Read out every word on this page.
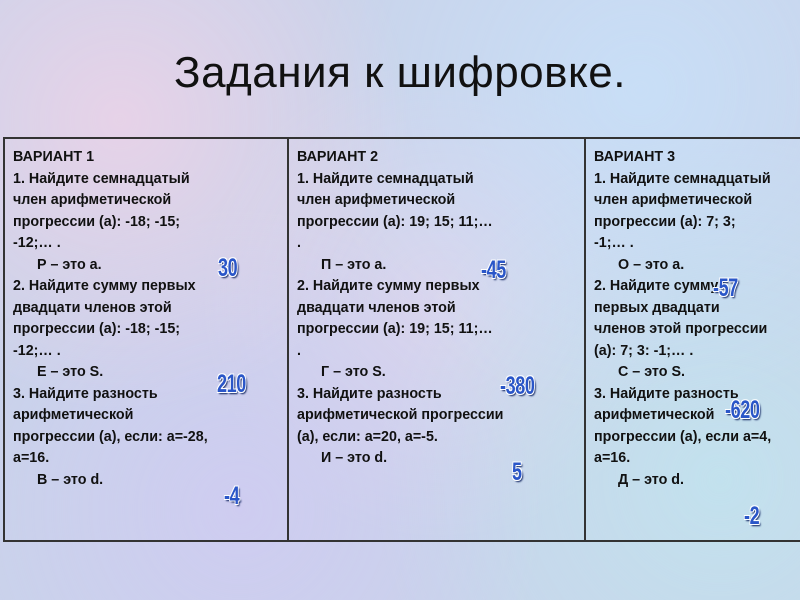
Задания к шифровке.
ВАРИАНТ 1
1. Найдите семнадцатый
член арифметической
прогрессии (а): -18; -15;
-12;… .
Р – это а.
2. Найдите сумму первых
двадцати членов этой
прогрессии (а): -18; -15;
-12;… .
Е – это S.
3. Найдите разность
арифметической
прогрессии (а), если: а=-28,
а=16.
В – это d.

ВАРИАНТ 2
1. Найдите семнадцатый
член арифметической
прогрессии (а): 19; 15; 11;…
.
П – это а.
2. Найдите сумму первых
двадцати членов этой
прогрессии (а): 19; 15; 11;…
.
Г – это S.
3. Найдите разность
арифметической прогрессии
(а), если: а=20, а=-5.
И – это d.

ВАРИАНТ 3
1. Найдите семнадцатый
член арифметической
прогрессии (а): 7; 3;
-1;… .
О – это а.
2. Найдите сумму
первых двадцати
членов этой прогрессии
(а): 7; 3: -1;… .
С – это S.
3. Найдите разность
арифметической
прогрессии (а), если а=4,
а=16.
Д – это d.
30
210
-4
-45
-380
5
-57
-620
-2
